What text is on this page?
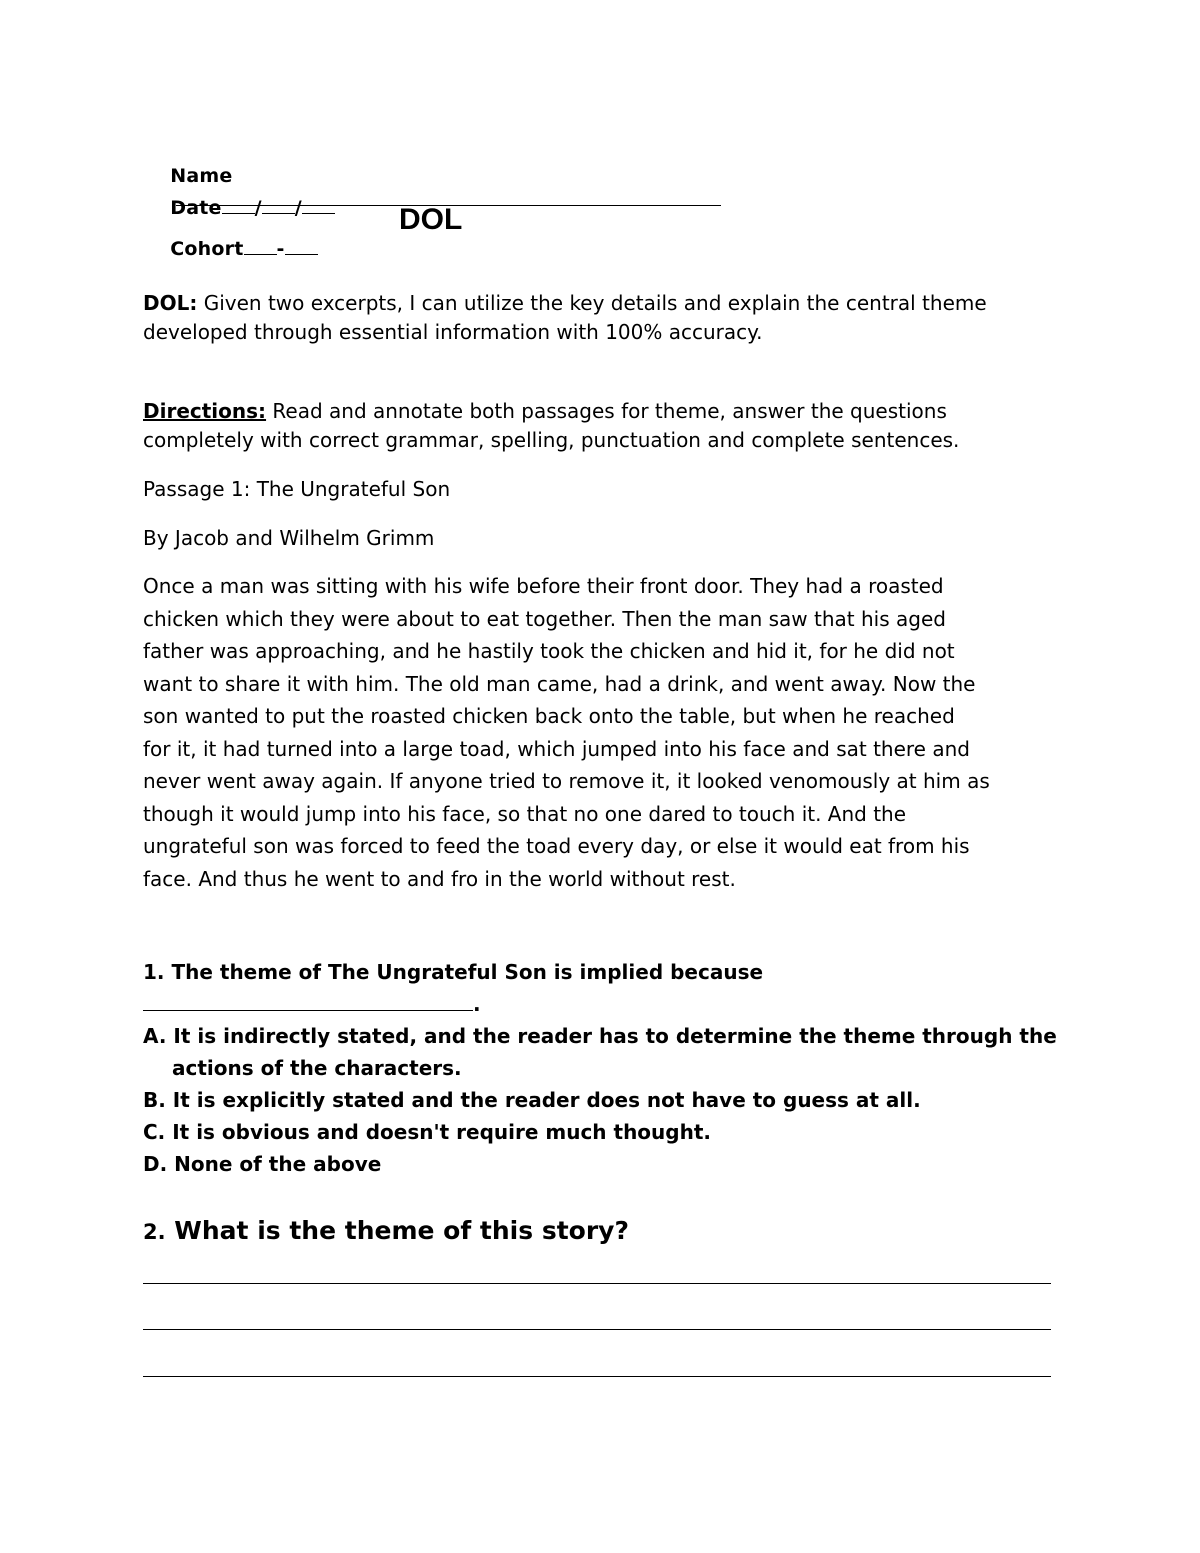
Name

Date / /

Cohort -

DOL
DOL: Given two excerpts, I can utilize the key details and explain the central theme developed through essential information with 100% accuracy.
Directions: Read and annotate both passages for theme, answer the questions completely with correct grammar, spelling, punctuation and complete sentences.
Passage 1: The Ungrateful Son
By Jacob and Wilhelm Grimm
Once a man was sitting with his wife before their front door. They had a roasted
chicken which they were about to eat together. Then the man saw that his aged
father was approaching, and he hastily took the chicken and hid it, for he did not
want to share it with him. The old man came, had a drink, and went away. Now the
son wanted to put the roasted chicken back onto the table, but when he reached
for it, it had turned into a large toad, which jumped into his face and sat there and
never went away again. If anyone tried to remove it, it looked venomously at him as
though it would jump into his face, so that no one dared to touch it. And the
ungrateful son was forced to feed the toad every day, or else it would eat from his
face. And thus he went to and fro in the world without rest.
1. The theme of The Ungrateful Son is implied because
.
A. It is indirectly stated, and the reader has to determine the theme through the actions of the characters.
B. It is explicitly stated and the reader does not have to guess at all.
C. It is obvious and doesn't require much thought.
D. None of the above
2. What is the theme of this story?
